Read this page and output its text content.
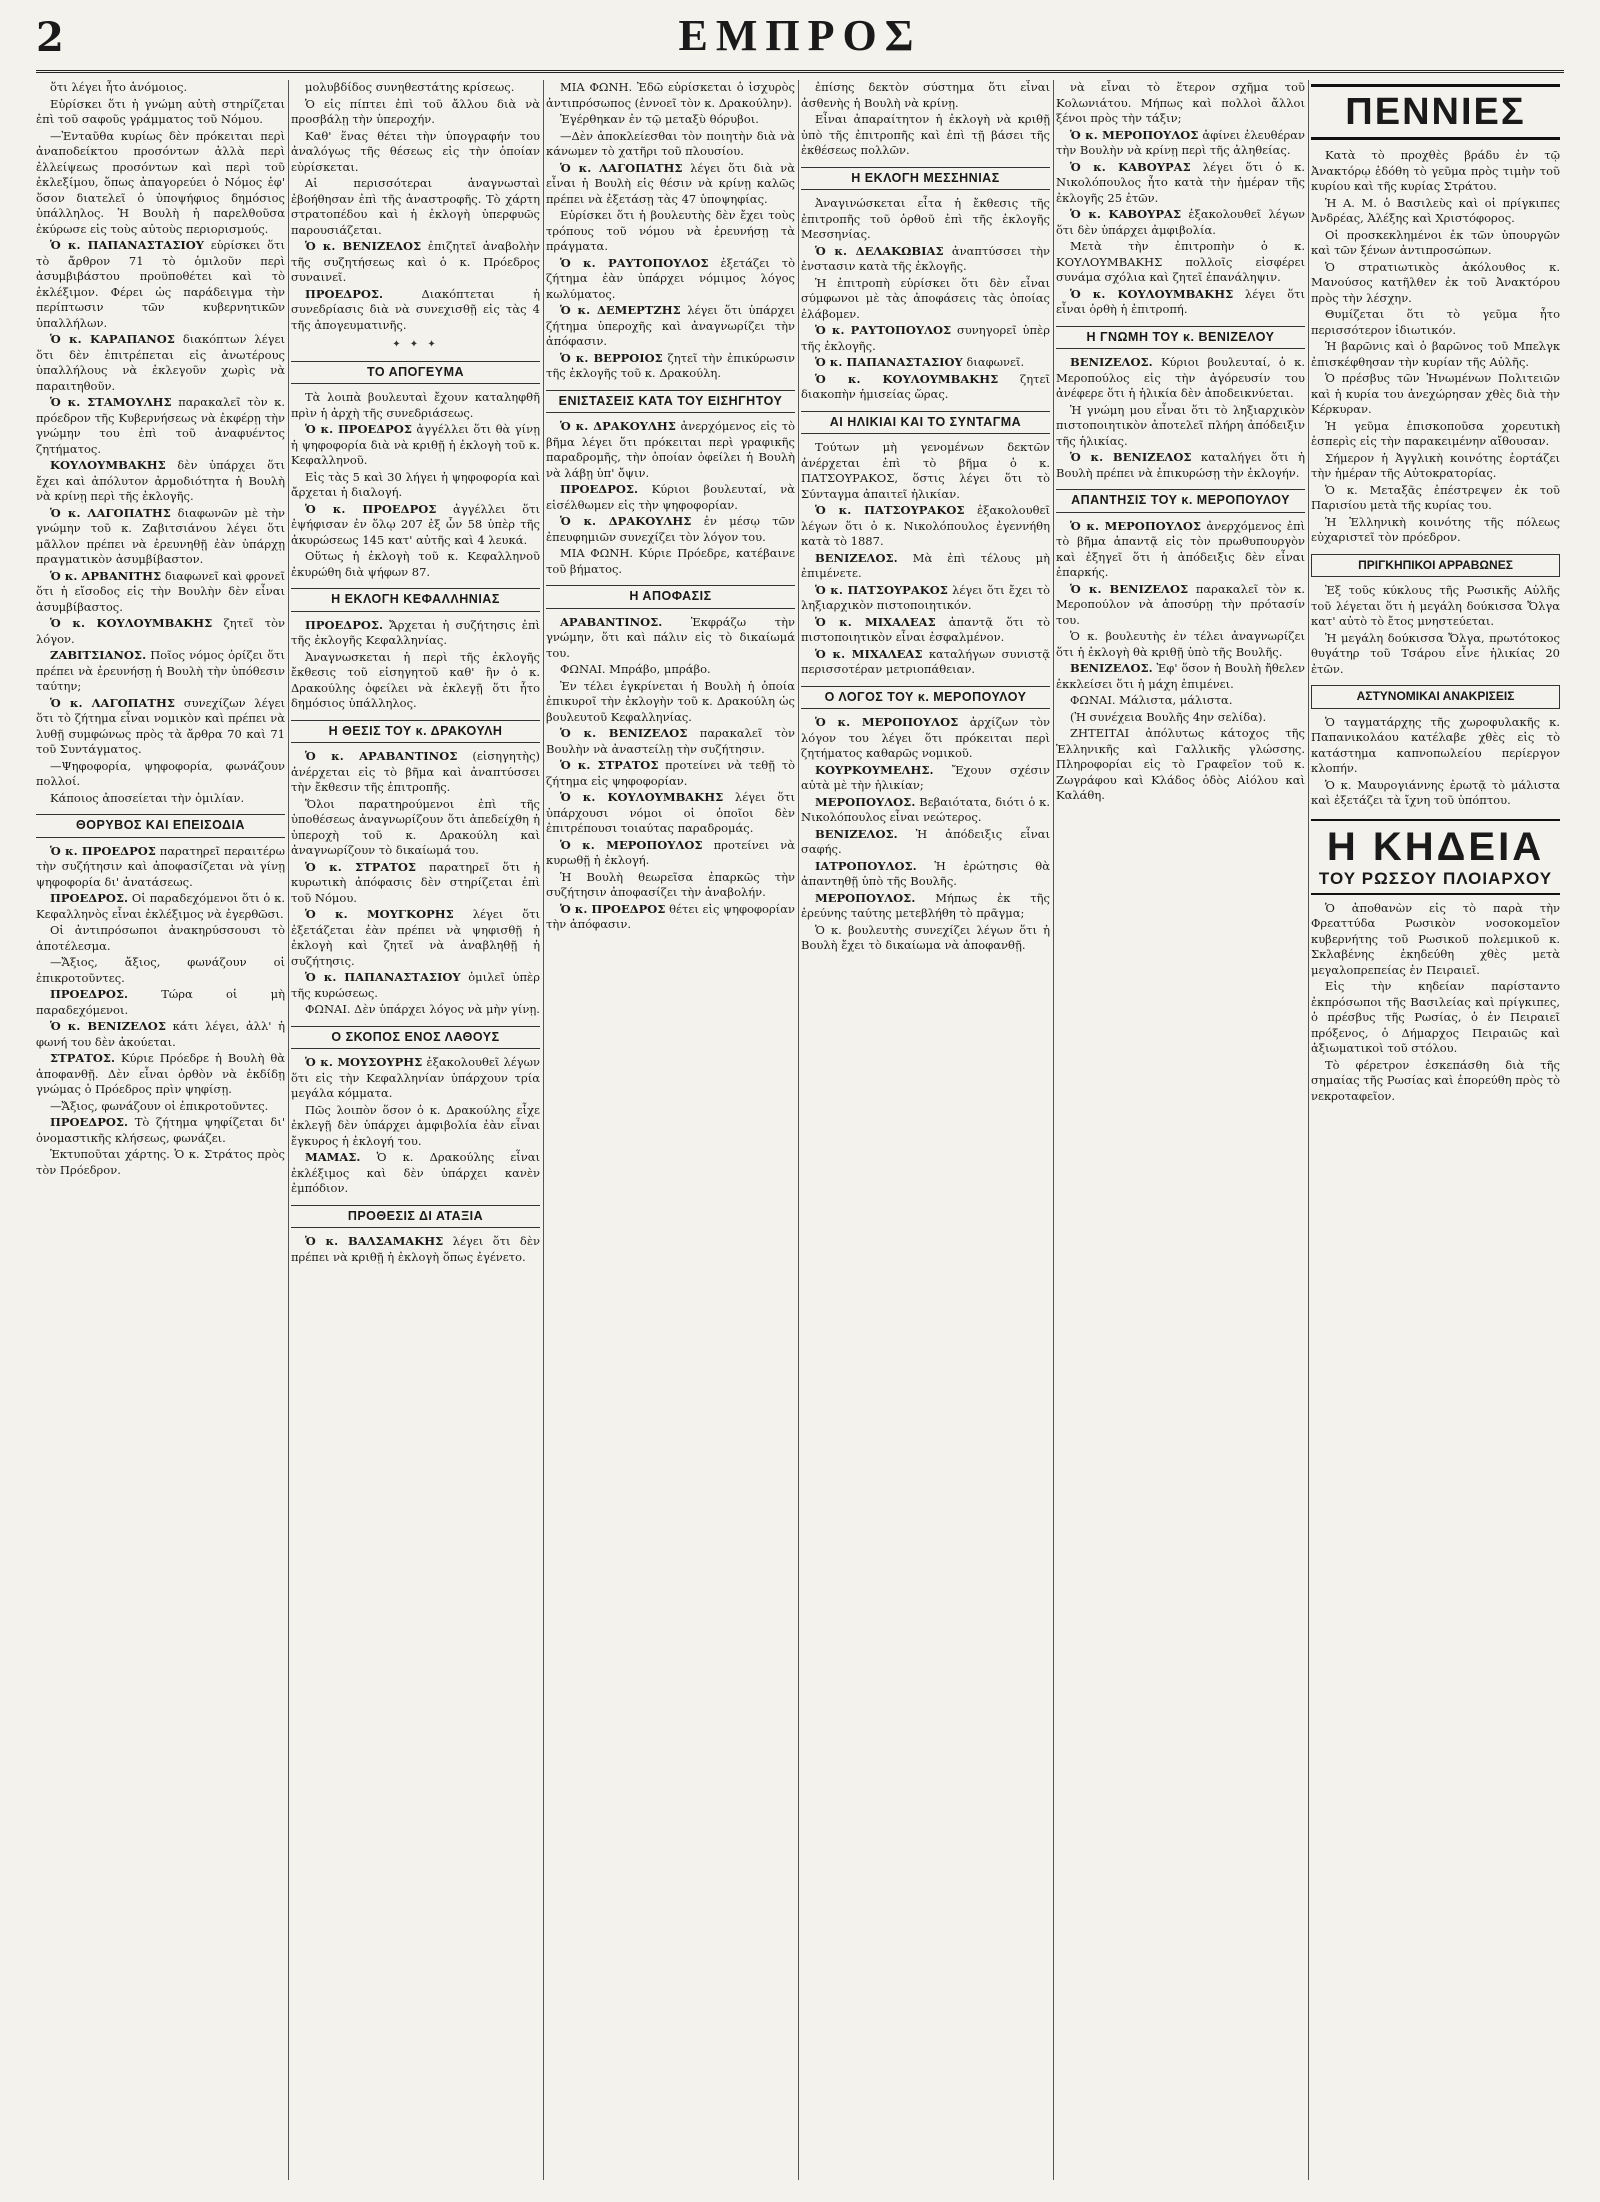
2	ΕΜΠΡΟΣ

ὅτι λέγει ἦτο ἀνόμοιος.

Εὑρίσκει ὅτι ἡ γνώμη αὐτὴ στηρίζεται ἐπὶ τοῦ σαφοῦς γράμματος τοῦ Νόμου.

—Ἐνταῦθα κυρίως δὲν πρόκειται περὶ ἀναποδείκτου προσόντων ἀλλὰ περὶ ἐλλείψεως προσόντων καὶ περὶ τοῦ ἐκλεξίμου, ὅπως ἀπαγορεύει ὁ Νόμος ἐφ' ὅσον διατελεῖ ὁ ὑποψήφιος δημόσιος ὑπάλληλος. Ἡ Βουλὴ ἡ παρελθοῦσα ἐκύρωσε εἰς τοὺς αὐτοὺς περιορισμούς.

Ὁ κ. ΠΑΠΑΝΑΣΤΑΣΙΟΥ εὑρίσκει ὅτι τὸ ἄρθρον 71 τὸ ὁμιλοῦν περὶ ἀσυμβιβάστου προϋποθέτει καὶ τὸ ἐκλέξιμον. Φέρει ὡς παράδειγμα τὴν περίπτωσιν τῶν κυβερνητικῶν ὑπαλλήλων.

Ὁ κ. ΚΑΡΑΠΑΝΟΣ διακόπτων λέγει ὅτι δὲν ἐπιτρέπεται εἰς ἀνωτέρους ὑπαλλήλους νὰ ἐκλεγοῦν χωρὶς νὰ παραιτηθοῦν.

Ὁ κ. ΣΤΑΜΟΥΛΗΣ παρακαλεῖ τὸν κ. πρόεδρον τῆς Κυβερνήσεως νὰ ἐκφέρῃ τὴν γνώμην του ἐπὶ τοῦ ἀναφυέντος ζητήματος.

ΚΟΥΛΟΥΜΒΑΚΗΣ δὲν ὑπάρχει ὅτι ἔχει καὶ ἀπόλυτον ἀρμοδιότητα ἡ Βουλὴ νὰ κρίνῃ περὶ τῆς ἐκλογῆς.

Ὁ κ. ΛΑΓΟΠΑΤΗΣ διαφωνῶν μὲ τὴν γνώμην τοῦ κ. Ζαβιτσιάνου λέγει ὅτι μᾶλλον πρέπει νὰ ἐρευνηθῇ ἐὰν ὑπάρχῃ πραγματικὸν ἀσυμβίβαστον.

Ὁ κ. ΑΡΒΑΝΙΤΗΣ διαφωνεῖ καὶ φρονεῖ ὅτι ἡ εἴσοδος εἰς τὴν Βουλὴν δὲν εἶναι ἀσυμβίβαστος.

Ὁ κ. ΚΟΥΛΟΥΜΒΑΚΗΣ ζητεῖ τὸν λόγον.

ΖΑΒΙΤΣΙΑΝΟΣ. Ποῖος νόμος ὁρίζει ὅτι πρέπει νὰ ἐρευνήσῃ ἡ Βουλὴ τὴν ὑπόθεσιν ταύτην;

Ὁ κ. ΛΑΓΟΠΑΤΗΣ συνεχίζων λέγει ὅτι τὸ ζήτημα εἶναι νομικὸν καὶ πρέπει νὰ λυθῇ συμφώνως πρὸς τὰ ἄρθρα 70 καὶ 71 τοῦ Συντάγματος.

—Ψηφοφορία, ψηφοφορία, φωνάζουν πολλοί.

Κάποιος ἀποσείεται τὴν ὁμιλίαν.

ΘΟΡΥΒΟΣ ΚΑΙ ΕΠΕΙΣΟΔΙΑ

Ὁ κ. ΠΡΟΕΔΡΟΣ παρατηρεῖ περαιτέρω τὴν συζήτησιν καὶ ἀποφασίζεται νὰ γίνῃ ψηφοφορία δι' ἀνατάσεως.

ΠΡΟΕΔΡΟΣ. Οἱ παραδεχόμενοι ὅτι ὁ κ. Κεφαλληνὸς εἶναι ἐκλέξιμος νὰ ἐγερθῶσι.

Οἱ ἀντιπρόσωποι ἀνακηρύσσουσι τὸ ἀποτέλεσμα.

—Ἄξιος, ἄξιος, φωνάζουν οἱ ἐπικροτοῦντες.

ΠΡΟΕΔΡΟΣ.	Τώρα οἱ μὴ παραδεχόμενοι.

Ὁ κ. ΒΕΝΙΖΕΛΟΣ κάτι λέγει, ἀλλ' ἡ φωνή του δὲν ἀκούεται.

ΣΤΡΑΤΟΣ. Κύριε Πρόεδρε ἡ Βουλὴ θὰ ἀποφανθῇ. Δὲν εἶναι ὀρθὸν νὰ ἐκδίδῃ γνώμας ὁ Πρόεδρος πρὶν ψηφίσῃ.

—Ἄξιος, φωνάζουν οἱ ἐπικροτοῦντες.

ΠΡΟΕΔΡΟΣ. Τὸ ζήτημα ψηφίζεται δι' ὀνομαστικῆς κλήσεως, φωνάζει.

Ἐκτυποῦται χάρτης. Ὁ κ. Στράτος πρὸς τὸν Πρόεδρον.

μολυβδίδος συνηθεστάτης κρίσεως.

Ὁ εἰς πίπτει ἐπὶ τοῦ ἄλλου διὰ νὰ προσβάλῃ τὴν ὑπεροχήν.

Καθ' ἕνας θέτει τὴν ὑπογραφήν του ἀναλόγως τῆς θέσεως εἰς τὴν ὁποίαν εὑρίσκεται.

Αἱ περισσότεραι ἀναγνωσταὶ ἐβοήθησαν ἐπὶ τῆς ἀναστροφῆς. Τὸ χάρτη στρατοπέδου καὶ ἡ ἐκλογὴ ὑπερφυῶς παρουσιάζεται.

Ὁ κ. ΒΕΝΙΖΕΛΟΣ ἐπιζητεῖ ἀναβολὴν τῆς συζητήσεως καὶ ὁ κ. Πρόεδρος συναινεῖ.

ΠΡΟΕΔΡΟΣ.	Διακόπτεται ἡ συνεδρίασις διὰ νὰ συνεχισθῇ εἰς τὰς 4 τῆς ἀπογευματινῆς.

✦ ✦ ✦
ΤΟ ΑΠΟΓΕΥΜΑ

Τὰ λοιπὰ βουλευταὶ ἔχουν καταληφθῆ πρὶν ἡ ἀρχὴ τῆς συνεδριάσεως.

Ὁ κ. ΠΡΟΕΔΡΟΣ ἀγγέλλει ὅτι θὰ γίνῃ ἡ ψηφοφορία διὰ νὰ κριθῇ ἡ ἐκλογὴ τοῦ κ. Κεφαλληνοῦ.

Εἰς τὰς 5 καὶ 30 λήγει ἡ ψηφοφορία καὶ ἄρχεται ἡ διαλογή.

Ὁ κ. ΠΡΟΕΔΡΟΣ ἀγγέλλει ὅτι ἐψήφισαν ἐν ὅλῳ 207 ἐξ ὧν 58 ὑπὲρ τῆς ἀκυρώσεως 145 κατ' αὐτῆς καὶ 4 λευκά.

Οὕτως ἡ ἐκλογὴ τοῦ κ. Κεφαλληνοῦ ἐκυρώθη διὰ ψήφων 87.

Η ΕΚΛΟΓΗ ΚΕΦΑΛΛΗΝΙΑΣ

ΠΡΟΕΔΡΟΣ. Ἄρχεται ἡ συζήτησις ἐπὶ τῆς ἐκλογῆς Κεφαλληνίας.

Ἀναγνωσκεται ἡ περὶ τῆς ἐκλογῆς ἔκθεσις τοῦ εἰσηγητοῦ καθ' ἣν ὁ κ. Δρακούλης ὀφείλει νὰ ἐκλεγῇ ὅτι ἦτο δημόσιος ὑπάλληλος.

Η ΘΕΣΙΣ ΤΟΥ κ. ΔΡΑΚΟΥΛΗ

Ὁ κ. ΑΡΑΒΑΝΤΙΝΟΣ (εἰσηγητὴς) ἀνέρχεται εἰς τὸ βῆμα καὶ ἀναπτύσσει τὴν ἔκθεσιν τῆς ἐπιτροπῆς.

Ὅλοι παρατηρούμενοι ἐπὶ τῆς ὑποθέσεως ἀναγνωρίζουν ὅτι ἀπεδείχθη ἡ ὑπεροχὴ τοῦ κ. Δρακούλη καὶ ἀναγνωρίζουν τὸ δικαίωμά του.

Ὁ κ. ΣΤΡΑΤΟΣ παρατηρεῖ ὅτι ἡ κυρωτικὴ ἀπόφασις δὲν στηρίζεται ἐπὶ τοῦ Νόμου.

Ὁ κ. ΜΟΥΓΚΟΡΗΣ λέγει ὅτι ἐξετάζεται ἐὰν πρέπει νὰ ψηφισθῇ ἡ ἐκλογὴ καὶ ζητεῖ νὰ ἀναβληθῇ ἡ συζήτησις.

Ὁ κ. ΠΑΠΑΝΑΣΤΑΣΙΟΥ ὁμιλεῖ ὑπὲρ τῆς κυρώσεως.

ΦΩΝΑΙ. Δὲν ὑπάρχει λόγος νὰ μὴν γίνῃ.

Ο ΣΚΟΠΟΣ ΕΝΟΣ ΛΑΘΟΥΣ

Ὁ κ. ΜΟΥΣΟΥΡΗΣ ἐξακολουθεῖ λέγων ὅτι εἰς τὴν Κεφαλληνίαν ὑπάρχουν τρία μεγάλα κόμματα.

Πῶς λοιπὸν ὅσον ὁ κ. Δρακούλης εἶχε ἐκλεγῇ δὲν ὑπάρχει ἀμφιβολία ἐὰν εἶναι ἔγκυρος ἡ ἐκλογή του.

ΜΑΜΑΣ. Ὁ κ. Δρακούλης εἶναι ἐκλέξιμος καὶ δὲν ὑπάρχει κανὲν ἐμπόδιον.

ΠΡΟΘΕΣΙΣ ΔΙ ΑΤΑΞΙΑ

Ὁ κ. ΒΑΛΣΑΜΑΚΗΣ λέγει ὅτι δὲν πρέπει νὰ κριθῇ ἡ ἐκλογὴ ὅπως ἐγένετο.

ΜΙΑ ΦΩΝΗ. Ἐδῶ εὑρίσκεται ὁ ἰσχυρὸς ἀντιπρόσωπος (ἐννοεῖ τὸν κ. Δρακούλην).

Ἐγέρθηκαν ἐν τῷ μεταξὺ θόρυβοι.

—Δὲν ἀποκλείεσθαι τὸν ποιητὴν διὰ νὰ κάνωμεν τὸ χατῆρι τοῦ πλουσίου.

Ὁ κ. ΛΑΓΟΠΑΤΗΣ λέγει ὅτι διὰ νὰ εἶναι ἡ Βουλὴ εἰς θέσιν νὰ κρίνῃ καλῶς πρέπει νὰ ἐξετάσῃ τὰς 47 ὑποψηφίας.

Εὑρίσκει ὅτι ἡ βουλευτὴς δὲν ἔχει τοὺς τρόπους τοῦ νόμου νὰ ἐρευνήσῃ τὰ πράγματα.

Ὁ κ. ΡΑΥΤΟΠΟΥΛΟΣ ἐξετάζει τὸ ζήτημα ἐὰν ὑπάρχει νόμιμος λόγος κωλύματος.

Ὁ κ. ΔΕΜΕΡΤΖΗΣ λέγει ὅτι ὑπάρχει ζήτημα ὑπεροχῆς καὶ ἀναγνωρίζει τὴν ἀπόφασιν.

Ὁ κ. ΒΕΡΡΟΙΟΣ ζητεῖ τὴν ἐπικύρωσιν τῆς ἐκλογῆς τοῦ κ. Δρακούλη.

ΕΝΙΣΤΑΣΕΙΣ ΚΑΤΑ ΤΟΥ ΕΙΣΗΓΗΤΟΥ

Ὁ κ. ΔΡΑΚΟΥΛΗΣ ἀνερχόμενος εἰς τὸ βῆμα λέγει ὅτι πρόκειται περὶ γραφικῆς παραδρομῆς, τὴν ὁποίαν ὀφείλει ἡ Βουλὴ νὰ λάβῃ ὑπ' ὄψιν.

ΠΡΟΕΔΡΟΣ. Κύριοι βουλευταί, νὰ εἰσέλθωμεν εἰς τὴν ψηφοφορίαν.

Ὁ κ. ΔΡΑΚΟΥΛΗΣ ἐν μέσῳ τῶν ἐπευφημιῶν συνεχίζει τὸν λόγον του.

ΜΙΑ ΦΩΝΗ. Κύριε Πρόεδρε, κατέβαινε τοῦ βήματος.

Η ΑΠΟΦΑΣΙΣ

ΑΡΑΒΑΝΤΙΝΟΣ. Ἐκφράζω τὴν γνώμην, ὅτι καὶ πάλιν εἰς τὸ δικαίωμά του.

ΦΩΝΑΙ. Μπράβο, μπράβο.

Ἐν τέλει ἐγκρίνεται ἡ Βουλὴ ἡ ὁποία ἐπικυροῖ τὴν ἐκλογὴν τοῦ κ. Δρακούλη ὡς βουλευτοῦ Κεφαλληνίας.

Ὁ κ. ΒΕΝΙΖΕΛΟΣ παρακαλεῖ τὸν Βουλὴν νὰ ἀναστείλῃ τὴν συζήτησιν.

Ὁ κ. ΣΤΡΑΤΟΣ προτείνει νὰ τεθῇ τὸ ζήτημα εἰς ψηφοφορίαν.

Ὁ κ. ΚΟΥΛΟΥΜΒΑΚΗΣ λέγει ὅτι ὑπάρχουσι νόμοι οἱ ὁποῖοι δὲν ἐπιτρέπουσι τοιαύτας παραδρομάς.

Ὁ κ. ΜΕΡΟΠΟΥΛΟΣ προτείνει νὰ κυρωθῇ ἡ ἐκλογή.

Ἡ Βουλὴ θεωρεῖσα ἐπαρκῶς τὴν συζήτησιν ἀποφασίζει τὴν ἀναβολήν.

Ὁ κ. ΠΡΟΕΔΡΟΣ θέτει εἰς ψηφοφορίαν τὴν ἀπόφασιν.

ἐπίσης δεκτὸν σύστημα ὅτι εἶναι ἀσθενὴς ἡ Βουλὴ νὰ κρίνῃ.

Εἶναι ἀπαραίτητον ἡ ἐκλογὴ νὰ κριθῇ ὑπὸ τῆς ἐπιτροπῆς καὶ ἐπὶ τῇ βάσει τῆς ἐκθέσεως πολλῶν.

Η ΕΚΛΟΓΗ ΜΕΣΣΗΝΙΑΣ

Ἀναγινώσκεται εἶτα ἡ ἔκθεσις τῆς ἐπιτροπῆς τοῦ ὀρθοῦ ἐπὶ τῆς ἐκλογῆς Μεσσηνίας.

Ὁ κ. ΔΕΛΑΚΩΒΙΑΣ ἀναπτύσσει τὴν ἐνστασιν κατὰ τῆς ἐκλογῆς.

Ἡ ἐπιτροπὴ εὑρίσκει ὅτι δὲν εἶναι σύμφωνοι μὲ τὰς ἀποφάσεις τὰς ὁποίας ἐλάβομεν.

Ὁ κ. ΡΑΥΤΟΠΟΥΛΟΣ συνηγορεῖ ὑπὲρ τῆς ἐκλογῆς.

Ὁ κ. ΠΑΠΑΝΑΣΤΑΣΙΟΥ διαφωνεῖ.

Ὁ κ. ΚΟΥΛΟΥΜΒΑΚΗΣ ζητεῖ διακοπὴν ἡμισείας ὥρας.

ΑΙ ΗΛΙΚΙΑΙ ΚΑΙ ΤΟ ΣΥΝΤΑΓΜΑ

Τούτων μὴ γενομένων δεκτῶν ἀνέρχεται ἐπὶ τὸ βῆμα ὁ κ. ΠΑΤΣΟΥΡΑΚΟΣ, ὅστις λέγει ὅτι τὸ Σύνταγμα ἀπαιτεῖ ἡλικίαν.

Ὁ κ. ΠΑΤΣΟΥΡΑΚΟΣ ἐξακολουθεῖ λέγων ὅτι ὁ κ. Νικολόπουλος ἐγεννήθη κατὰ τὸ 1887.

ΒΕΝΙΖΕΛΟΣ. Μὰ ἐπὶ τέλους μὴ ἐπιμένετε.

Ὁ κ. ΠΑΤΣΟΥΡΑΚΟΣ λέγει ὅτι ἔχει τὸ ληξιαρχικὸν πιστοποιητικόν.

Ὁ κ. ΜΙΧΑΛΕΑΣ ἀπαντᾷ ὅτι τὸ πιστοποιητικὸν εἶναι ἐσφαλμένον.

Ὁ κ. ΜΙΧΑΛΕΑΣ καταλήγων συνιστᾷ περισσοτέραν μετριοπάθειαν.

Ο ΛΟΓΟΣ ΤΟΥ κ. ΜΕΡΟΠΟΥΛΟΥ

Ὁ κ. ΜΕΡΟΠΟΥΛΟΣ ἀρχίζων τὸν λόγον του λέγει ὅτι πρόκειται περὶ ζητήματος καθαρῶς νομικοῦ.

ΚΟΥΡΚΟΥΜΕΛΗΣ. Ἔχουν σχέσιν αὐτὰ μὲ τὴν ἡλικίαν;

ΜΕΡΟΠΟΥΛΟΣ. Βεβαιότατα, διότι ὁ κ. Νικολόπουλος εἶναι νεώτερος.

ΒΕΝΙΖΕΛΟΣ. Ἡ ἀπόδειξις εἶναι σαφής.

ΙΑΤΡΟΠΟΥΛΟΣ. Ἡ ἐρώτησις θὰ ἀπαντηθῇ ὑπὸ τῆς Βουλῆς.

ΜΕΡΟΠΟΥΛΟΣ. Μήπως ἐκ τῆς ἐρεύνης ταύτης μετεβλήθη τὸ πρᾶγμα;

Ὁ κ. βουλευτὴς συνεχίζει λέγων ὅτι ἡ Βουλὴ ἔχει τὸ δικαίωμα νὰ ἀποφανθῇ.

νὰ εἶναι τὸ ἕτερον σχῆμα τοῦ Κολωνιάτου. Μήπως καὶ πολλοὶ ἄλλοι ξένοι πρὸς τὴν τάξιν;

Ὁ κ. ΜΕΡΟΠΟΥΛΟΣ ἀφίνει ἐλευθέραν τὴν Βουλὴν νὰ κρίνῃ περὶ τῆς ἀληθείας.

Ὁ κ. ΚΑΒΟΥΡΑΣ λέγει ὅτι ὁ κ. Νικολόπουλος ἦτο κατὰ τὴν ἡμέραν τῆς ἐκλογῆς 25 ἐτῶν.

Ὁ κ. ΚΑΒΟΥΡΑΣ ἐξακολουθεῖ λέγων ὅτι δὲν ὑπάρχει ἀμφιβολία.

Μετὰ τὴν ἐπιτροπὴν ὁ κ. ΚΟΥΛΟΥΜΒΑΚΗΣ πολλοῖς εἰσφέρει συνάμα σχόλια καὶ ζητεῖ ἐπανάληψιν.

Ὁ κ. ΚΟΥΛΟΥΜΒΑΚΗΣ λέγει ὅτι εἶναι ὀρθὴ ἡ ἐπιτροπή.

Η ΓΝΩΜΗ ΤΟΥ κ. ΒΕΝΙΖΕΛΟΥ

ΒΕΝΙΖΕΛΟΣ. Κύριοι βουλευταί, ὁ κ. Μεροπούλος εἰς τὴν ἀγόρευσίν του ἀνέφερε ὅτι ἡ ἡλικία δὲν ἀποδεικνύεται.

Ἡ γνώμη μου εἶναι ὅτι τὸ ληξιαρχικὸν πιστοποιητικὸν ἀποτελεῖ πλήρη ἀπόδειξιν τῆς ἡλικίας.

Ὁ κ. ΒΕΝΙΖΕΛΟΣ καταλήγει ὅτι ἡ Βουλὴ πρέπει νὰ ἐπικυρώσῃ τὴν ἐκλογήν.

ΑΠΑΝΤΗΣΙΣ ΤΟΥ κ. ΜΕΡΟΠΟΥΛΟΥ

Ὁ κ. ΜΕΡΟΠΟΥΛΟΣ ἀνερχόμενος ἐπὶ τὸ βῆμα ἀπαντᾷ εἰς τὸν πρωθυπουργὸν καὶ ἐξηγεῖ ὅτι ἡ ἀπόδειξις δὲν εἶναι ἐπαρκής.

Ὁ κ. ΒΕΝΙΖΕΛΟΣ παρακαλεῖ τὸν κ. Μεροπούλον νὰ ἀποσύρῃ τὴν πρότασίν του.

Ὁ κ. βουλευτὴς ἐν τέλει ἀναγνωρίζει ὅτι ἡ ἐκλογὴ θὰ κριθῇ ὑπὸ τῆς Βουλῆς.

ΒΕΝΙΖΕΛΟΣ. Ἐφ' ὅσον ἡ Βουλὴ ἤθελεν ἐκκλείσει ὅτι ἡ μάχη ἐπιμένει.

ΦΩΝΑΙ. Μάλιστα, μάλιστα.

(Ἡ συνέχεια Βουλῆς 4ην σελίδα).

ΖΗΤΕΙΤΑΙ ἀπόλυτως κάτοχος τῆς Ἑλληνικῆς καὶ Γαλλικῆς γλώσσης. Πληροφορίαι εἰς τὸ Γραφεῖον τοῦ κ. Ζωγράφου καὶ Κλάδος ὁδὸς Αἰόλου καὶ Καλάθη.

ΠΕΝΝΙΕΣ

Κατὰ τὸ προχθὲς βράδυ ἐν τῷ Ἀνακτόρῳ ἐδόθη τὸ γεῦμα πρὸς τιμὴν τοῦ κυρίου καὶ τῆς κυρίας Στράτου.

Ἡ Α. Μ. ὁ Βασιλεὺς καὶ οἱ πρίγκιπες Ἀνδρέας, Ἀλέξης καὶ Χριστόφορος.

Οἱ προσκεκλημένοι ἐκ τῶν ὑπουργῶν καὶ τῶν ξένων ἀντιπροσώπων.

Ὁ στρατιωτικὸς ἀκόλουθος κ. Μανούσος κατῆλθεν ἐκ τοῦ Ἀνακτόρου πρὸς τὴν λέσχην.

Θυμίζεται ὅτι τὸ γεῦμα ἦτο περισσότερον ἰδιωτικόν.

Ἡ βαρῶνις καὶ ὁ βαρῶνος τοῦ Μπελγκ ἐπισκέφθησαν τὴν κυρίαν τῆς Αὐλῆς.

Ὁ πρέσβυς τῶν Ἡνωμένων Πολιτειῶν καὶ ἡ κυρία του ἀνεχώρησαν χθὲς διὰ τὴν Κέρκυραν.

Ἡ γεῦμα ἐπισκοποῦσα χορευτικὴ ἑσπερὶς εἰς τὴν παρακειμένην αἴθουσαν.

Σήμερον ἡ Ἀγγλικὴ κοινότης ἑορτάζει τὴν ἡμέραν τῆς Αὐτοκρατορίας.

Ὁ κ. Μεταξᾶς ἐπέστρεψεν ἐκ τοῦ Παρισίου μετὰ τῆς κυρίας του.

Ἡ Ἑλληνικὴ κοινότης τῆς πόλεως εὐχαριστεῖ τὸν πρόεδρον.

ΠΡΙΓΚΗΠΙΚΟΙ ΑΡΡΑΒΩΝΕΣ

Ἐξ τοῦς κύκλους τῆς Ρωσικῆς Αὐλῆς τοῦ λέγεται ὅτι ἡ μεγάλη δούκισσα Ὄλγα κατ' αὐτὸ τὸ ἔτος μνηστεύεται.

Ἡ μεγάλη δούκισσα Ὄλγα, πρωτότοκος θυγάτηρ τοῦ Τσάρου εἶνε ἡλικίας 20 ἐτῶν.

ΑΣΤΥΝΟΜΙΚΑΙ ΑΝΑΚΡΙΣΕΙΣ

Ὁ ταγματάρχης τῆς χωροφυλακῆς κ. Παπανικολάου κατέλαβε χθὲς εἰς τὸ κατάστημα καπνοπωλείου περίεργον κλοπήν.

Ὁ κ. Μαυρογιάννης ἐρωτᾷ τὸ μάλιστα καὶ ἐξετάζει τὰ ἴχνη τοῦ ὑπόπτου.

Η ΚΗΔΕΙΑ
ΤΟΥ ΡΩΣΣΟΥ ΠΛΟΙΑΡΧΟΥ

Ὁ ἀποθανὼν εἰς τὸ παρὰ τὴν Φρεαττύδα Ρωσικὸν νοσοκομεῖον κυβερνήτης τοῦ Ρωσικοῦ πολεμικοῦ κ. Σκλαβένης ἐκηδεύθη χθὲς μετὰ μεγαλοπρεπείας ἐν Πειραιεῖ.

Εἰς τὴν κηδείαν παρίσταντο ἐκπρόσωποι τῆς Βασιλείας καὶ πρίγκιπες, ὁ πρέσβυς τῆς Ρωσίας, ὁ ἐν Πειραιεῖ πρόξενος, ὁ Δήμαρχος Πειραιῶς καὶ ἀξιωματικοὶ τοῦ στόλου.

Τὸ φέρετρον ἐσκεπάσθη διὰ τῆς σημαίας τῆς Ρωσίας καὶ ἐπορεύθη πρὸς τὸ νεκροταφεῖον.
